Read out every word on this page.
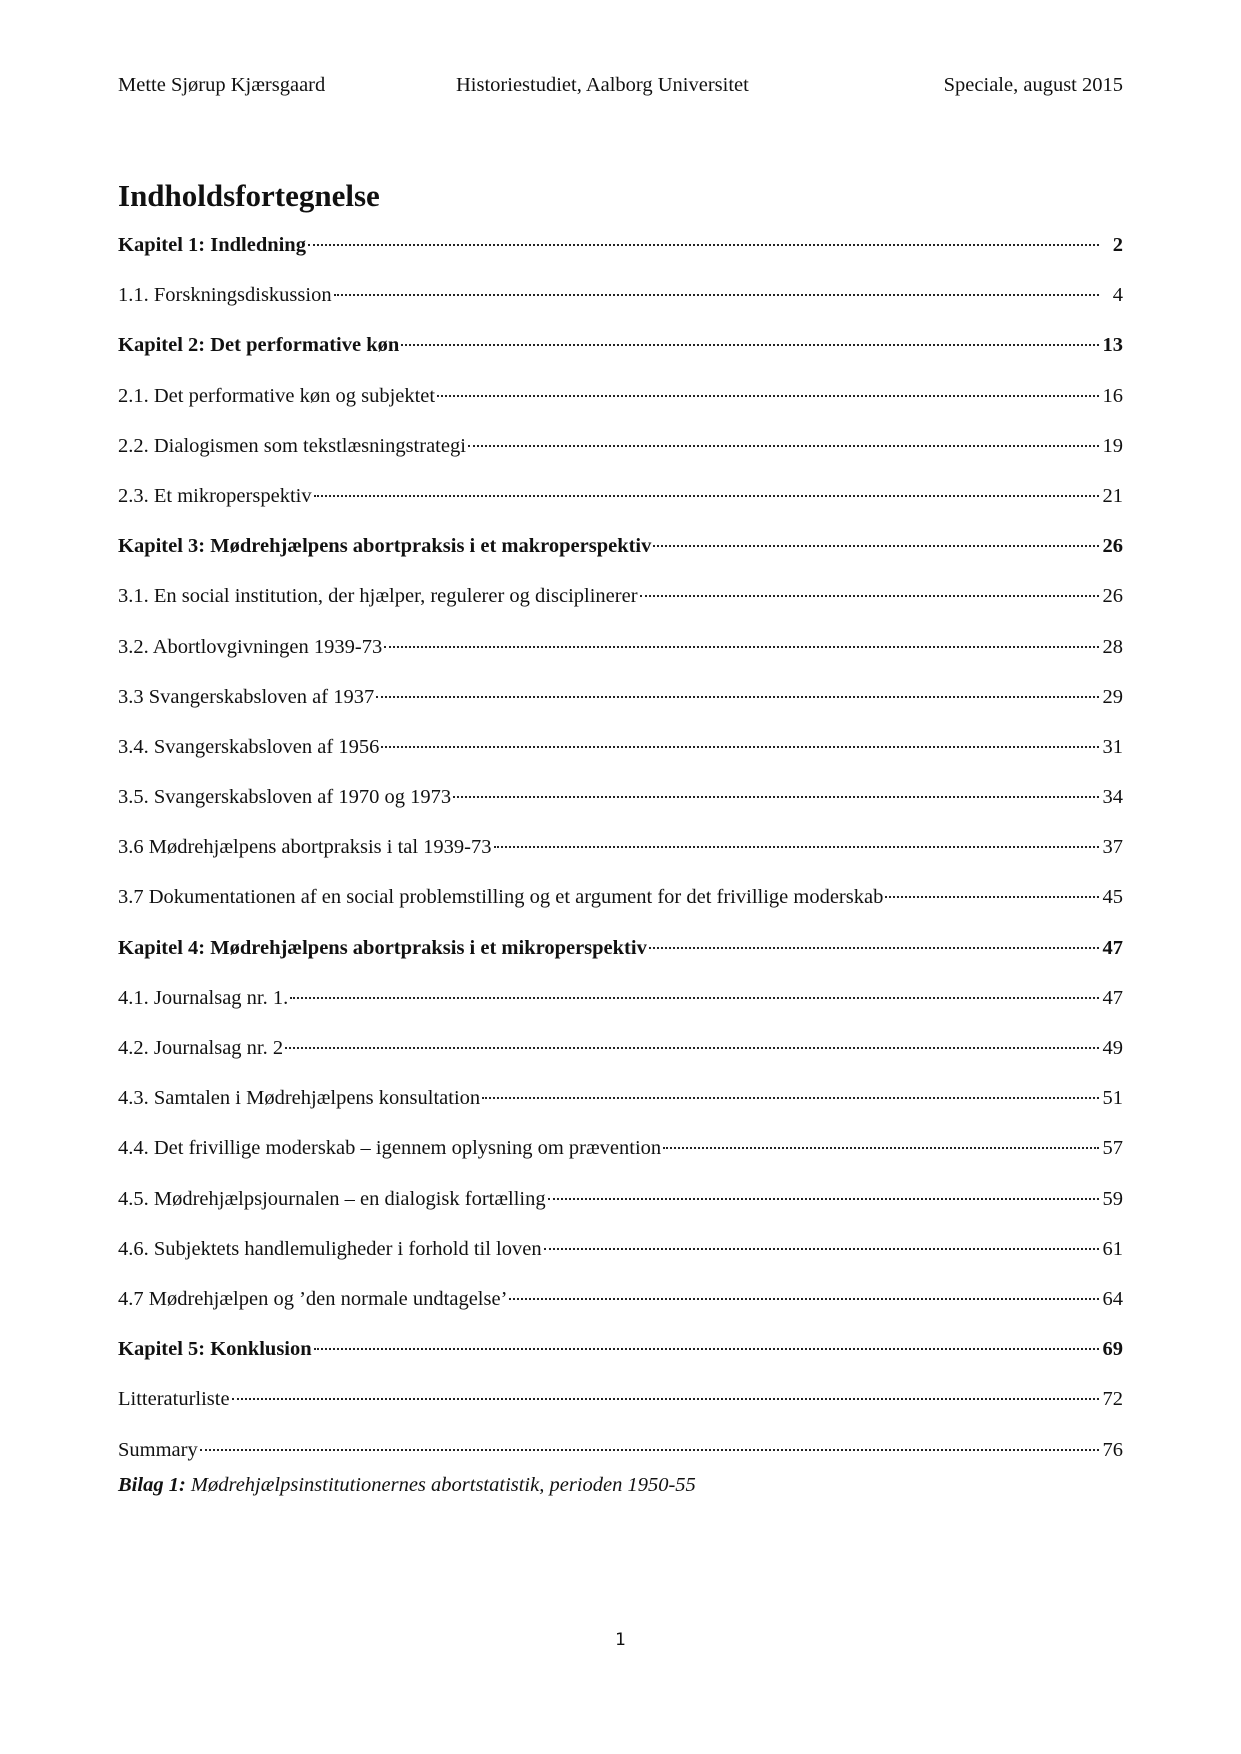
Mette Sjørup Kjærsgaard	Historiestudiet, Aalborg Universitet	Speciale, august 2015
Indholdsfortegnelse
Kapitel 1: Indledning	2
1.1. Forskningsdiskussion	4
Kapitel 2: Det performative køn	13
2.1. Det performative køn og subjektet	16
2.2. Dialogismen som tekstlæsningstrategi	19
2.3. Et mikroperspektiv	21
Kapitel 3: Mødrehjælpens abortpraksis i et makroperspektiv	26
3.1. En social institution, der hjælper, regulerer og disciplinerer	26
3.2. Abortlovgivningen 1939-73	28
3.3 Svangerskabsloven af 1937	29
3.4. Svangerskabsloven af 1956	31
3.5. Svangerskabsloven af 1970 og 1973	34
3.6 Mødrehjælpens abortpraksis i tal 1939-73	37
3.7 Dokumentationen af en social problemstilling og et argument for det frivillige moderskab	45
Kapitel 4: Mødrehjælpens abortpraksis i et mikroperspektiv	47
4.1. Journalsag nr. 1.	47
4.2. Journalsag nr. 2	49
4.3. Samtalen i Mødrehjælpens konsultation	51
4.4. Det frivillige moderskab – igennem oplysning om prævention	57
4.5. Mødrehjælpsjournalen – en dialogisk fortælling	59
4.6. Subjektets handlemuligheder i forhold til loven	61
4.7 Mødrehjælpen og ’den normale undtagelse’	64
Kapitel 5: Konklusion	69
Litteraturliste	72
Summary	76
Bilag 1: Mødrehjælpsinstitutionernes abortstatistik, perioden 1950-55
1
